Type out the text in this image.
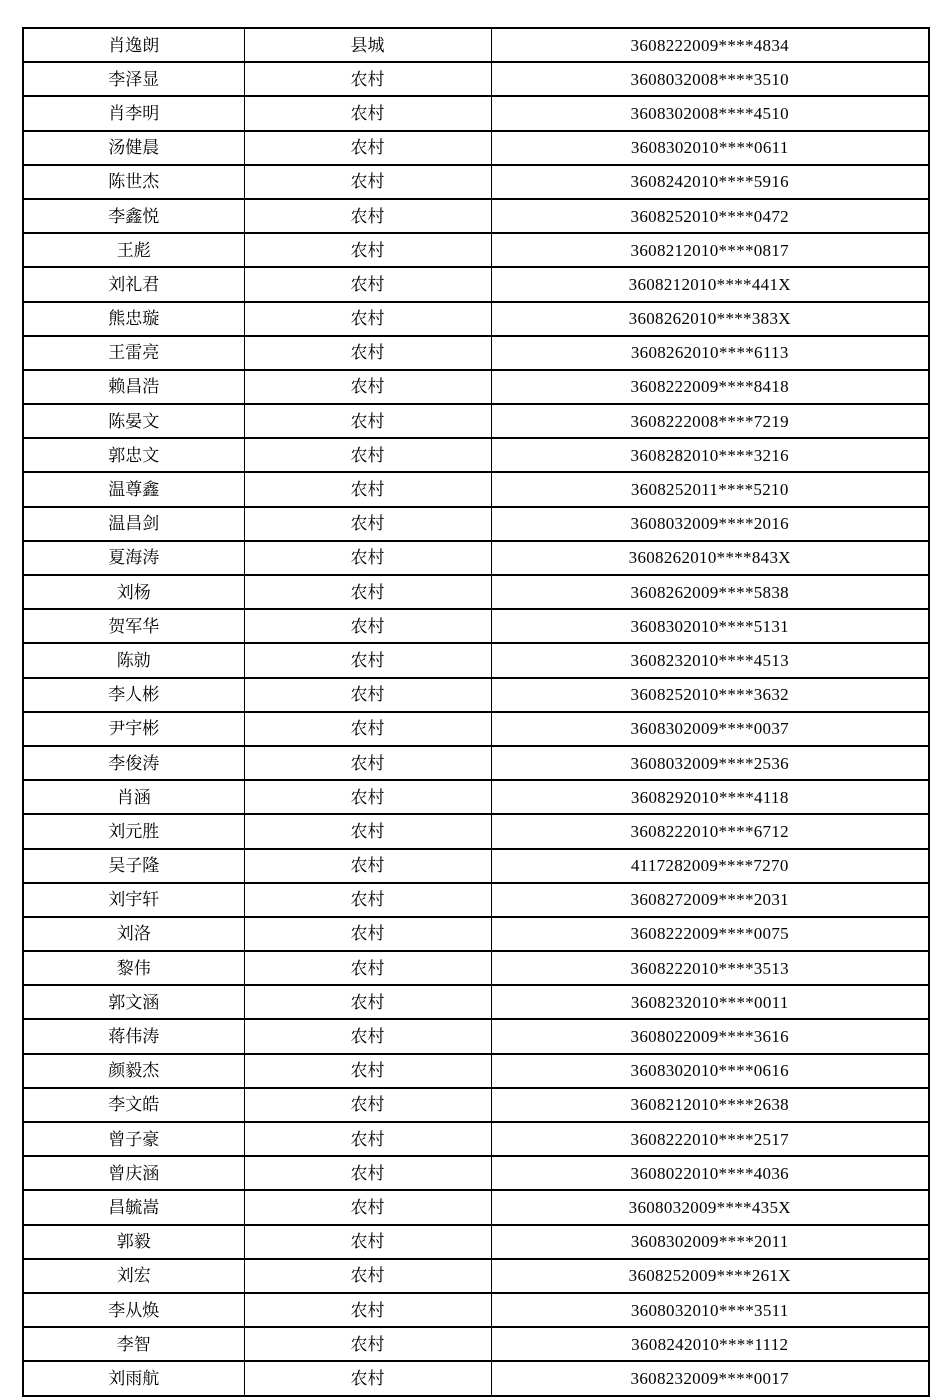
肖逸朗	县城	3608222009****4834
李泽显	农村	3608032008****3510
肖李明	农村	3608302008****4510
汤健晨	农村	3608302010****0611
陈世杰	农村	3608242010****5916
李鑫悦	农村	3608252010****0472
王彪	农村	3608212010****0817
刘礼君	农村	3608212010****441X
熊忠璇	农村	3608262010****383X
王雷亮	农村	3608262010****6113
赖昌浩	农村	3608222009****8418
陈晏文	农村	3608222008****7219
郭忠文	农村	3608282010****3216
温尊鑫	农村	3608252011****5210
温昌剑	农村	3608032009****2016
夏海涛	农村	3608262010****843X
刘杨	农村	3608262009****5838
贺军华	农村	3608302010****5131
陈勍	农村	3608232010****4513
李人彬	农村	3608252010****3632
尹宇彬	农村	3608302009****0037
李俊涛	农村	3608032009****2536
肖涵	农村	3608292010****4118
刘元胜	农村	3608222010****6712
吴子隆	农村	4117282009****7270
刘宇轩	农村	3608272009****2031
刘洛	农村	3608222009****0075
黎伟	农村	3608222010****3513
郭文涵	农村	3608232010****0011
蒋伟涛	农村	3608022009****3616
颜毅杰	农村	3608302010****0616
李文皓	农村	3608212010****2638
曾子豪	农村	3608222010****2517
曾庆涵	农村	3608022010****4036
昌毓嵩	农村	3608032009****435X
郭毅	农村	3608302009****2011
刘宏	农村	3608252009****261X
李从焕	农村	3608032010****3511
李智	农村	3608242010****1112
刘雨航	农村	3608232009****0017
